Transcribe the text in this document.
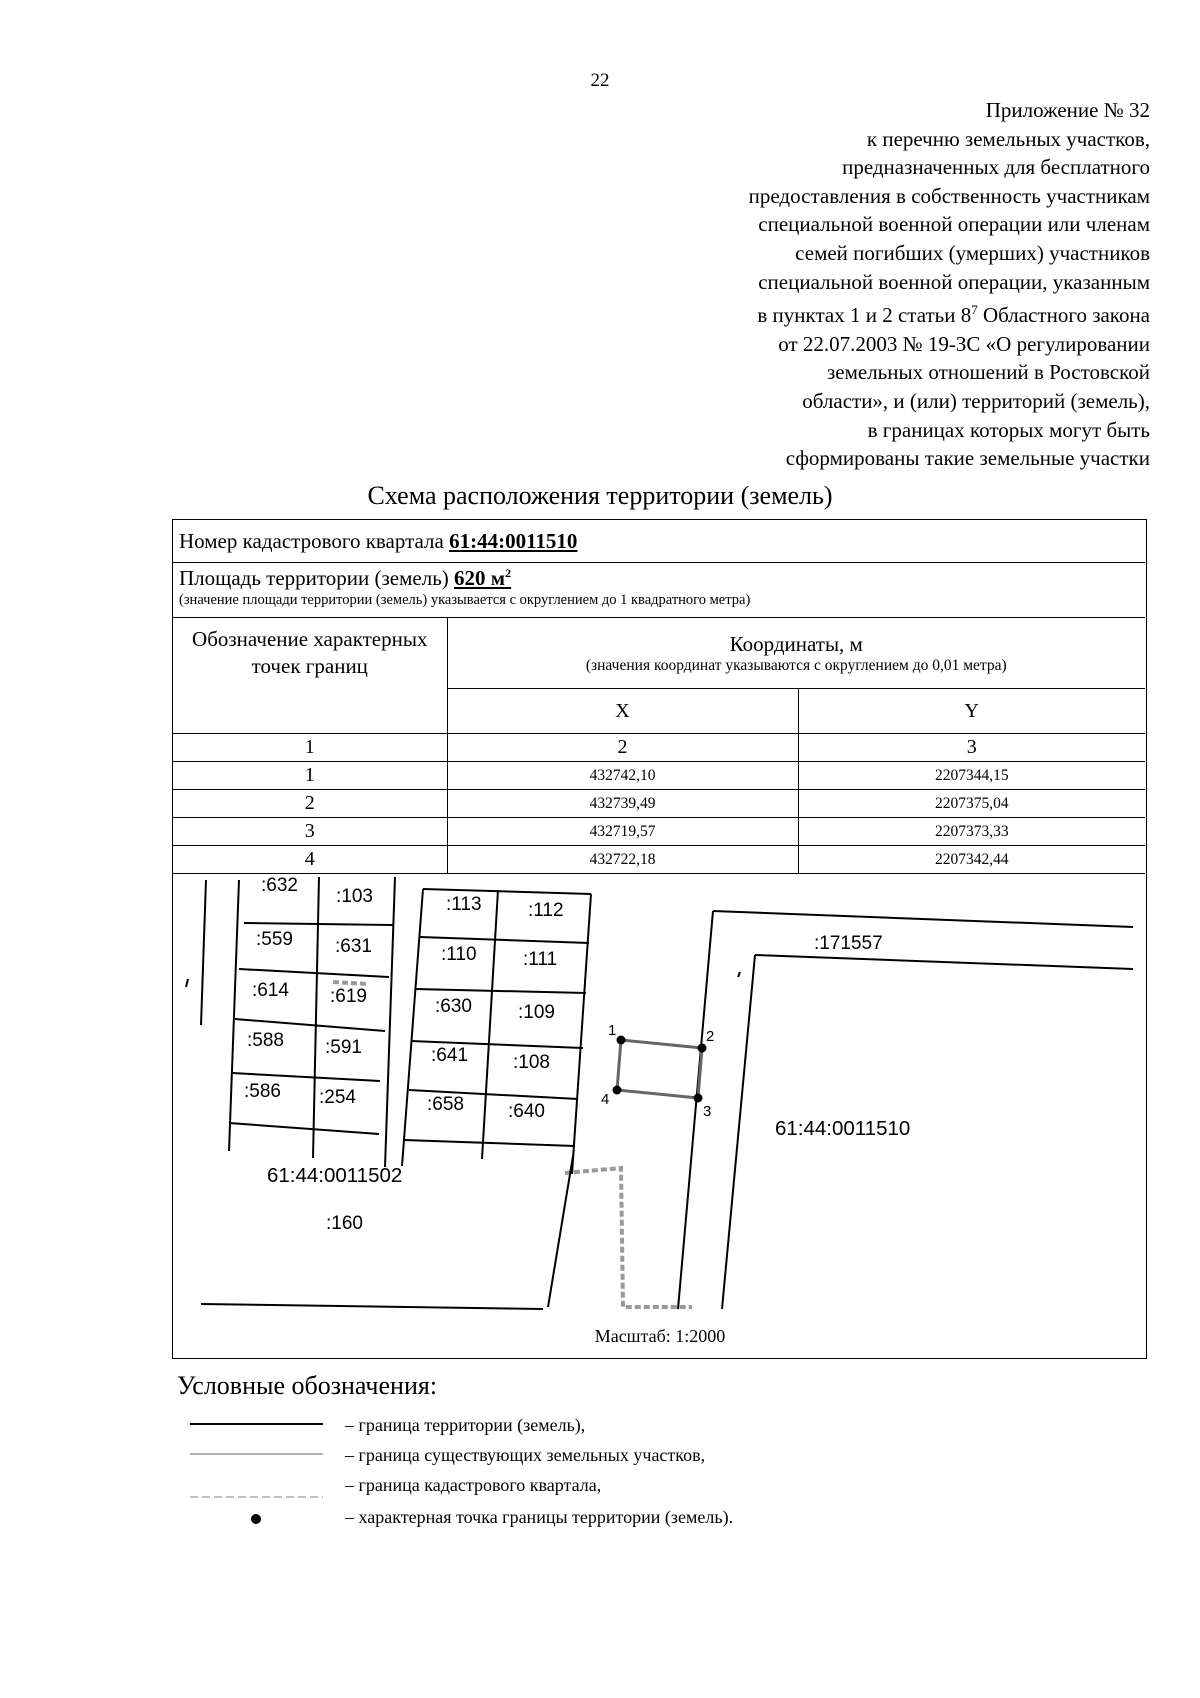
22
Приложение № 32
к перечню земельных участков,
предназначенных для бесплатного
предоставления в собственность участникам
специальной военной операции или членам
семей погибших (умерших) участников
специальной военной операции, указанным
в пунктах 1 и 2 статьи $8^7$ Областного закона
от 22.07.2003 № 19-ЗС «О регулировании
земельных отношений в Ростовской
области», и (или) территорий (земель),
в границах которых могут быть
сформированы такие земельные участки
Схема расположения территории (земель)
Номер кадастрового квартала 61:44:0011510		
Площадь территории (земель) 620 $м^2$
(значение площади территории (земель) указывается с округлением до 1 квадратного метра)		

Обозначение характерных точек границ	Координаты, м
(значения координат указываются с округлением до 0,01 метра)	

	X	Y
1	2	3
1	432742,10	2207344,15
2	432739,49	2207375,04
3	432719,57	2207373,33
4	432722,18	2207342,44
1	2
3
4
:632
:103	:113 :112
:559 :631	:110 :111
:614 :619	:630 :109
:588 :591	:641 :108
:586 :254	:658 :640
:171557
:160
61:44:0011510
61:44:0011502
Масштаб: 1:2000
Условные обозначения:
– граница территории (земель),
– граница существующих земельных участков,
– граница кадастрового квартала,
– характерная точка границы территории (земель).
